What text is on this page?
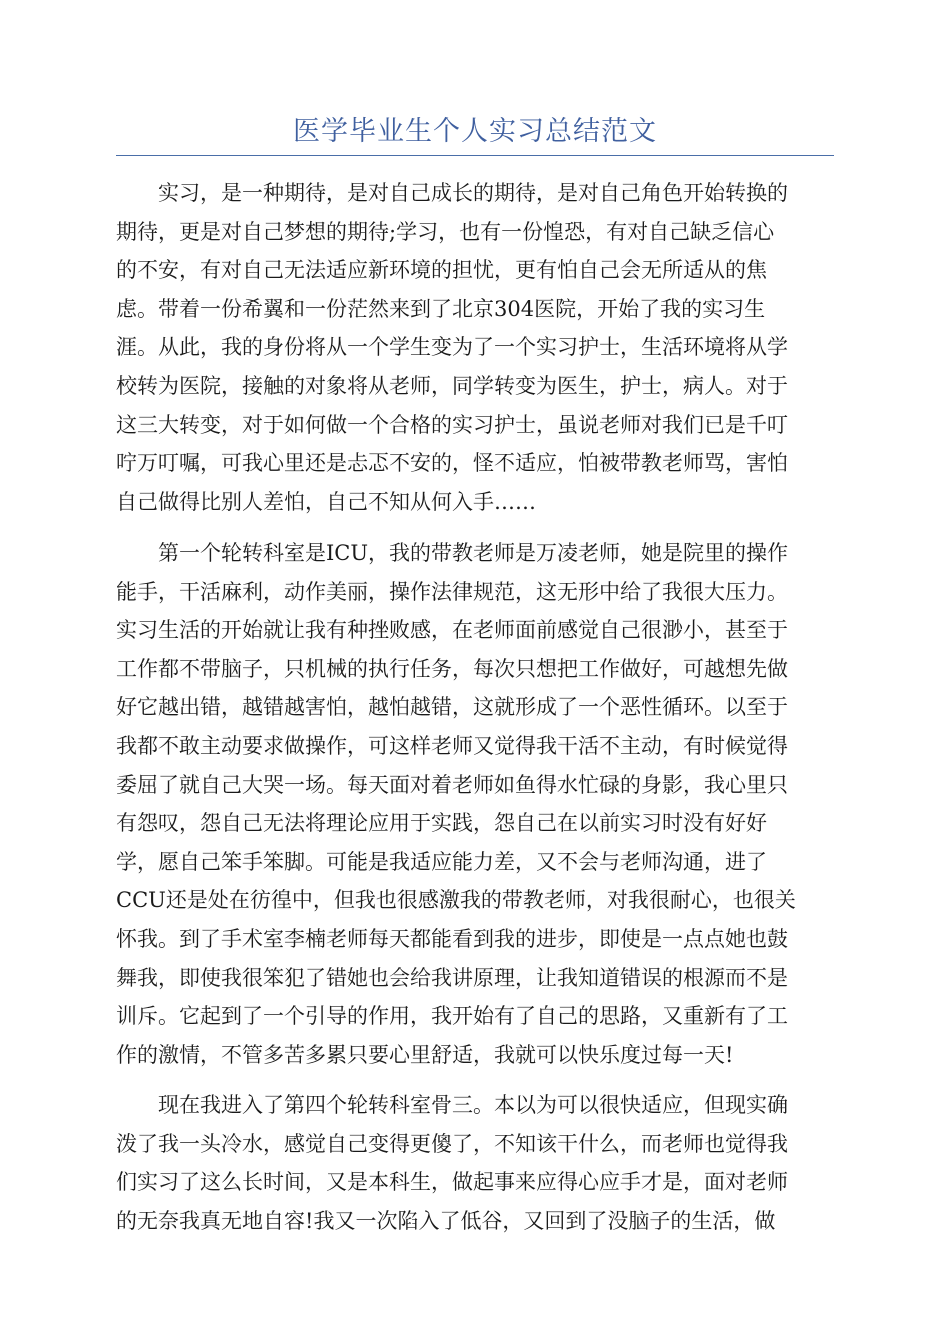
医学毕业生个人实习总结范文
　　实习，是一种期待，是对自己成长的期待，是对自己角色开始转换的
期待，更是对自己梦想的期待;学习，也有一份惶恐，有对自己缺乏信心
的不安，有对自己无法适应新环境的担忧，更有怕自己会无所适从的焦
虑。带着一份希翼和一份茫然来到了北京304医院，开始了我的实习生
涯。从此，我的身份将从一个学生变为了一个实习护士，生活环境将从学
校转为医院，接触的对象将从老师，同学转变为医生，护士，病人。对于
这三大转变，对于如何做一个合格的实习护士，虽说老师对我们已是千叮
咛万叮嘱，可我心里还是忐忑不安的，怪不适应，怕被带教老师骂，害怕
自己做得比别人差怕，自己不知从何入手……
　　第一个轮转科室是ICU，我的带教老师是万凌老师，她是院里的操作
能手，干活麻利，动作美丽，操作法律规范，这无形中给了我很大压力。
实习生活的开始就让我有种挫败感，在老师面前感觉自己很渺小，甚至于
工作都不带脑子，只机械的执行任务，每次只想把工作做好，可越想先做
好它越出错，越错越害怕，越怕越错，这就形成了一个恶性循环。以至于
我都不敢主动要求做操作，可这样老师又觉得我干活不主动，有时候觉得
委屈了就自己大哭一场。每天面对着老师如鱼得水忙碌的身影，我心里只
有怨叹，怨自己无法将理论应用于实践，怨自己在以前实习时没有好好
学，愿自己笨手笨脚。可能是我适应能力差，又不会与老师沟通，进了
CCU还是处在彷徨中，但我也很感激我的带教老师，对我很耐心，也很关
怀我。到了手术室李楠老师每天都能看到我的进步，即使是一点点她也鼓
舞我，即使我很笨犯了错她也会给我讲原理，让我知道错误的根源而不是
训斥。它起到了一个引导的作用，我开始有了自己的思路，又重新有了工
作的激情，不管多苦多累只要心里舒适，我就可以快乐度过每一天!
　　现在我进入了第四个轮转科室骨三。本以为可以很快适应，但现实确
泼了我一头冷水，感觉自己变得更傻了，不知该干什么，而老师也觉得我
们实习了这么长时间，又是本科生，做起事来应得心应手才是，面对老师
的无奈我真无地自容!我又一次陷入了低谷，又回到了没脑子的生活，做
